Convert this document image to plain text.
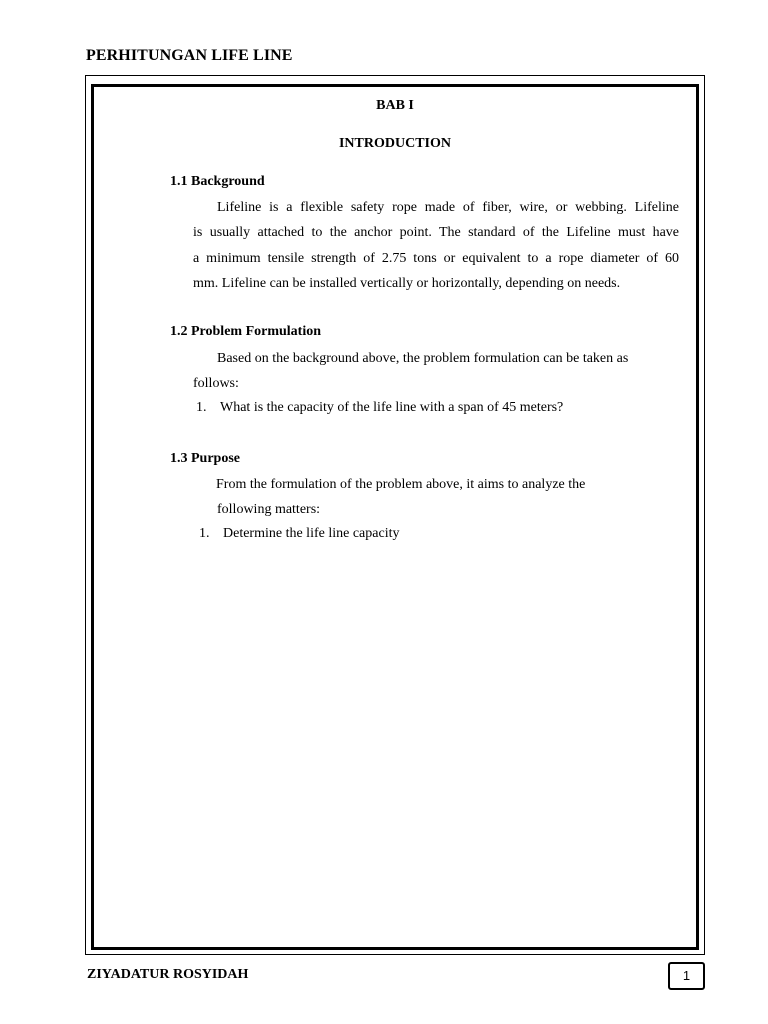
PERHITUNGAN LIFE LINE
BAB I
INTRODUCTION
1.1 Background
Lifeline is a flexible safety rope made of fiber, wire, or webbing. Lifeline
is usually attached to the anchor point. The standard of the Lifeline must have
a minimum tensile strength of 2.75 tons or equivalent to a rope diameter of 60
mm. Lifeline can be installed vertically or horizontally, depending on needs.
1.2 Problem Formulation
Based on the background above, the problem formulation can be taken as
follows:
1. What is the capacity of the life line with a span of 45 meters?
1.3 Purpose
From the formulation of the problem above, it aims to analyze the
following matters:
1. Determine the life line capacity
ZIYADATUR ROSYIDAH	1
